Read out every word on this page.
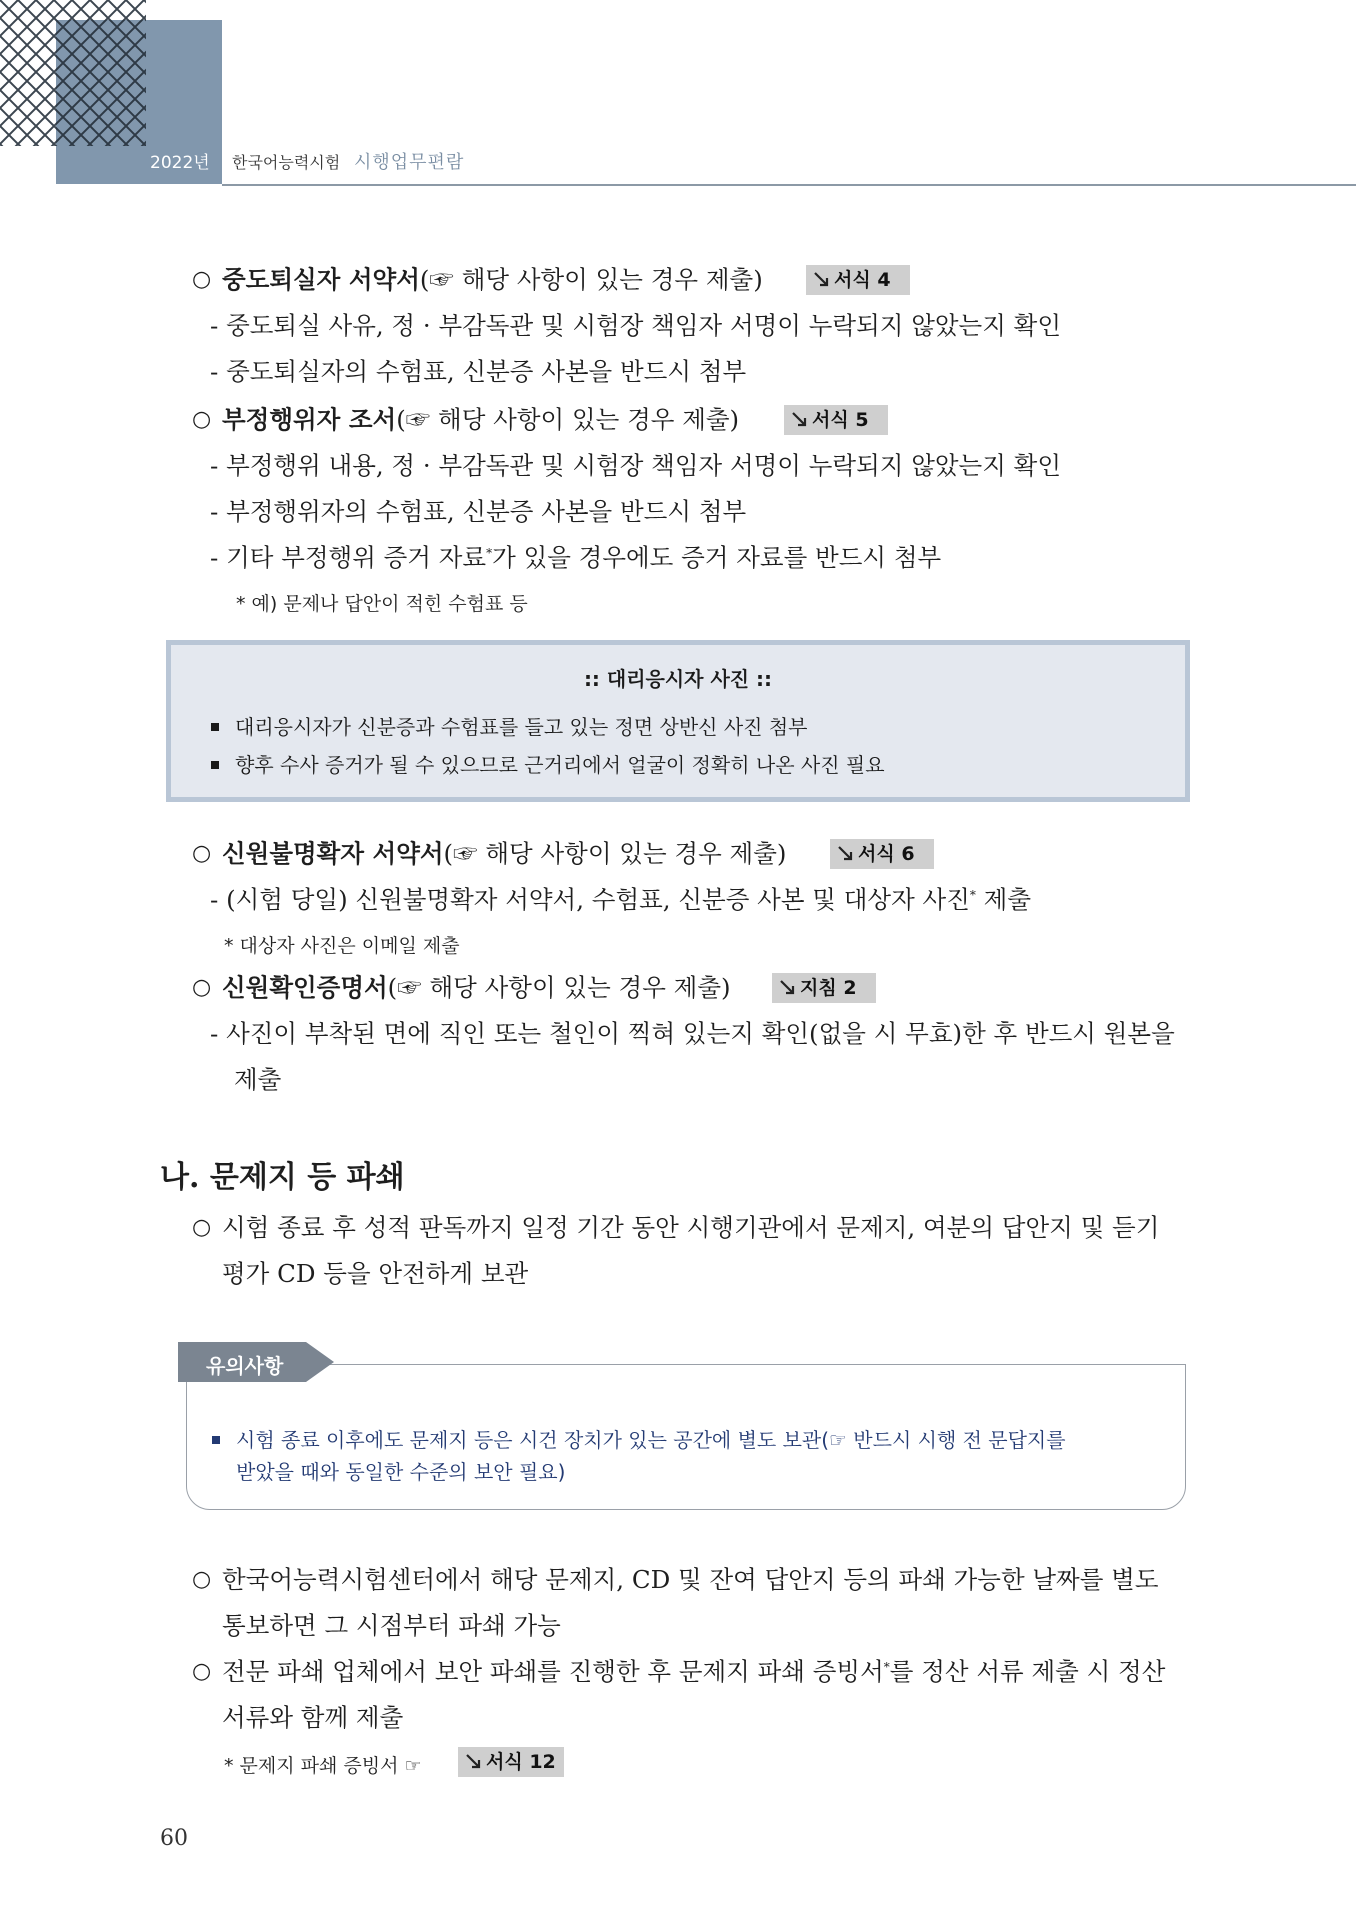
2022년 한국어능력시험 시행업무편람
○ 중도퇴실자 서약서(☞ 해당 사항이 있는 경우 제출)	서식 4
- 중도퇴실 사유, 정 · 부감독관 및 시험장 책임자 서명이 누락되지 않았는지 확인
- 중도퇴실자의 수험표, 신분증 사본을 반드시 첨부
○ 부정행위자 조서(☞ 해당 사항이 있는 경우 제출)	서식 5
- 부정행위 내용, 정 · 부감독관 및 시험장 책임자 서명이 누락되지 않았는지 확인
- 부정행위자의 수험표, 신분증 사본을 반드시 첨부
- 기타 부정행위 증거 자료*가 있을 경우에도 증거 자료를 반드시 첨부
* 예) 문제나 답안이 적힌 수험표 등
:: 대리응시자 사진 ::
대리응시자가 신분증과 수험표를 들고 있는 정면 상반신 사진 첨부
향후 수사 증거가 될 수 있으므로 근거리에서 얼굴이 정확히 나온 사진 필요
○ 신원불명확자 서약서(☞ 해당 사항이 있는 경우 제출)	서식 6
- (시험 당일) 신원불명확자 서약서, 수험표, 신분증 사본 및 대상자 사진* 제출
* 대상자 사진은 이메일 제출
○ 신원확인증명서(☞ 해당 사항이 있는 경우 제출)	지침 2
- 사진이 부착된 면에 직인 또는 철인이 찍혀 있는지 확인(없을 시 무효)한 후 반드시 원본을
제출
나. 문제지 등 파쇄
○ 시험 종료 후 성적 판독까지 일정 기간 동안 시행기관에서 문제지, 여분의 답안지 및 듣기
평가 CD 등을 안전하게 보관
유의사항
시험 종료 이후에도 문제지 등은 시건 장치가 있는 공간에 별도 보관(☞ 반드시 시행 전 문답지를
받았을 때와 동일한 수준의 보안 필요)
○ 한국어능력시험센터에서 해당 문제지, CD 및 잔여 답안지 등의 파쇄 가능한 날짜를 별도
통보하면 그 시점부터 파쇄 가능
○ 전문 파쇄 업체에서 보안 파쇄를 진행한 후 문제지 파쇄 증빙서*를 정산 서류 제출 시 정산
서류와 함께 제출
* 문제지 파쇄 증빙서 ☞	서식 12
60
